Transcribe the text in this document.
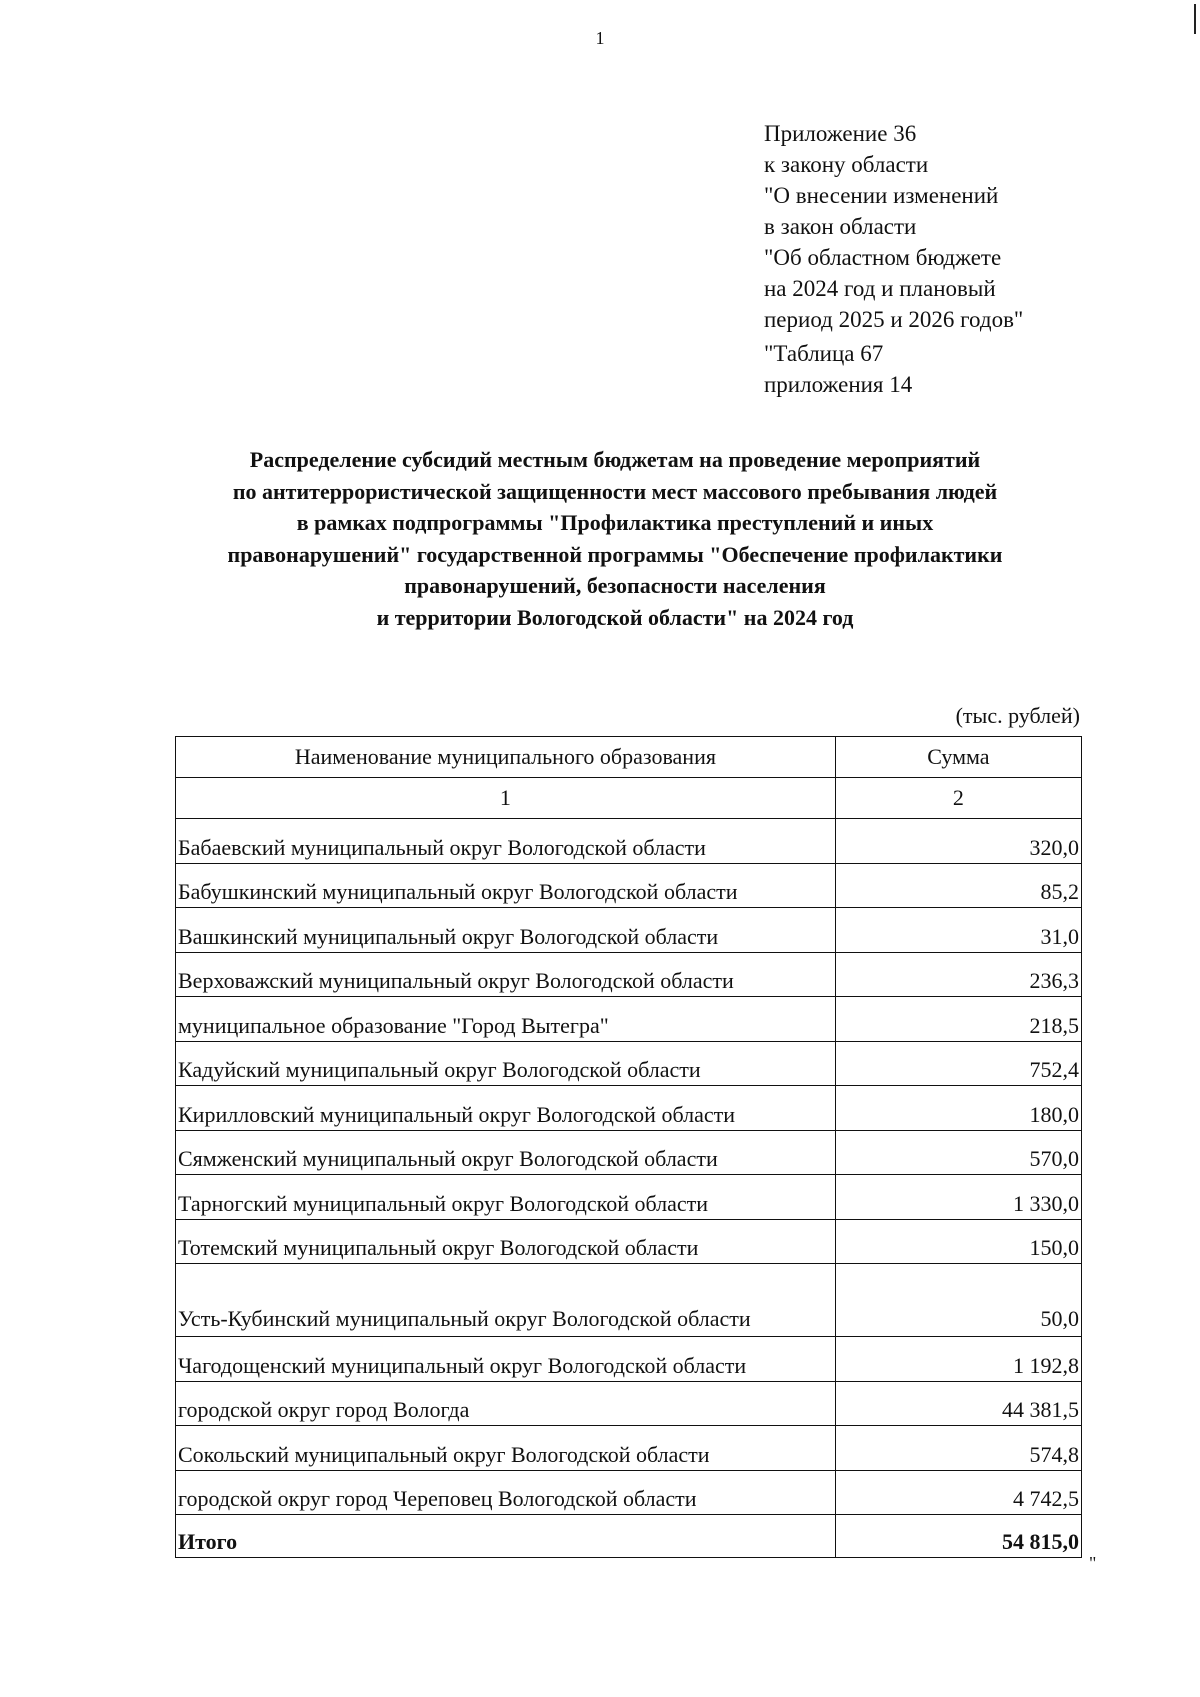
1
Приложение 36
к закону области
"О внесении изменений
в закон области
"Об областном бюджете
на 2024 год и плановый
период 2025 и 2026 годов"
"Таблица 67
приложения 14
Распределение субсидий местным бюджетам на проведение мероприятий
по антитеррористической защищенности мест массового пребывания людей
в рамках подпрограммы "Профилактика преступлений и иных
правонарушений" государственной программы "Обеспечение профилактики
правонарушений, безопасности населения
и территории Вологодской области" на 2024 год
(тыс. рублей)
Наименование муниципального образования	Сумма
1	2
Бабаевский муниципальный округ Вологодской области	320,0
Бабушкинский муниципальный округ Вологодской области	85,2
Вашкинский муниципальный округ Вологодской области	31,0
Верховажский муниципальный округ Вологодской области	236,3
муниципальное образование "Город Вытегра"	218,5
Кадуйский муниципальный округ Вологодской области	752,4
Кирилловский муниципальный округ Вологодской области	180,0
Сямженский муниципальный округ Вологодской области	570,0
Тарногский муниципальный округ Вологодской области	1 330,0
Тотемский муниципальный округ Вологодской области	150,0
Усть-Кубинский муниципальный округ Вологодской области	50,0
Чагодощенский муниципальный округ Вологодской области	1 192,8
городской округ город Вологда	44 381,5
Сокольский муниципальный округ Вологодской области	574,8
городской округ город Череповец Вологодской области	4 742,5
Итого	54 815,0
"
